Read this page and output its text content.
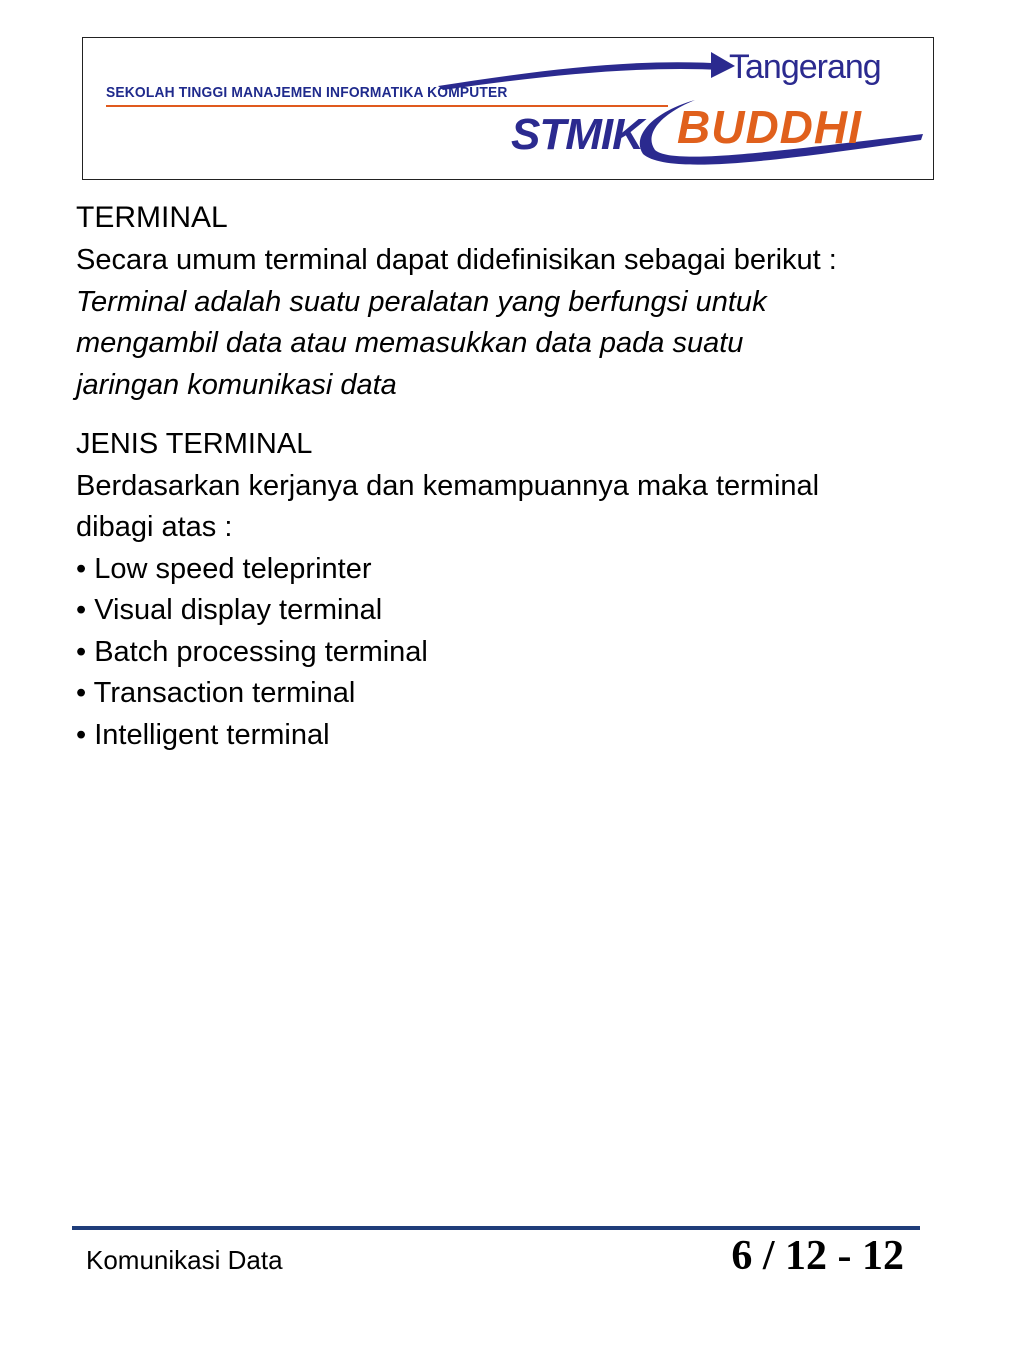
SEKOLAH TINGGI MANAJEMEN INFORMATIKA KOMPUTER
Tangerang
STMIK BUDDHI
TERMINAL
Secara umum terminal dapat didefinisikan sebagai berikut :
Terminal adalah suatu peralatan yang berfungsi untuk
mengambil data atau memasukkan data pada suatu
jaringan komunikasi data
JENIS TERMINAL
Berdasarkan kerjanya dan kemampuannya maka terminal
dibagi atas :
• Low speed teleprinter
• Visual display terminal
• Batch processing terminal
• Transaction terminal
• Intelligent terminal
Komunikasi Data	6 / 12 - 12
